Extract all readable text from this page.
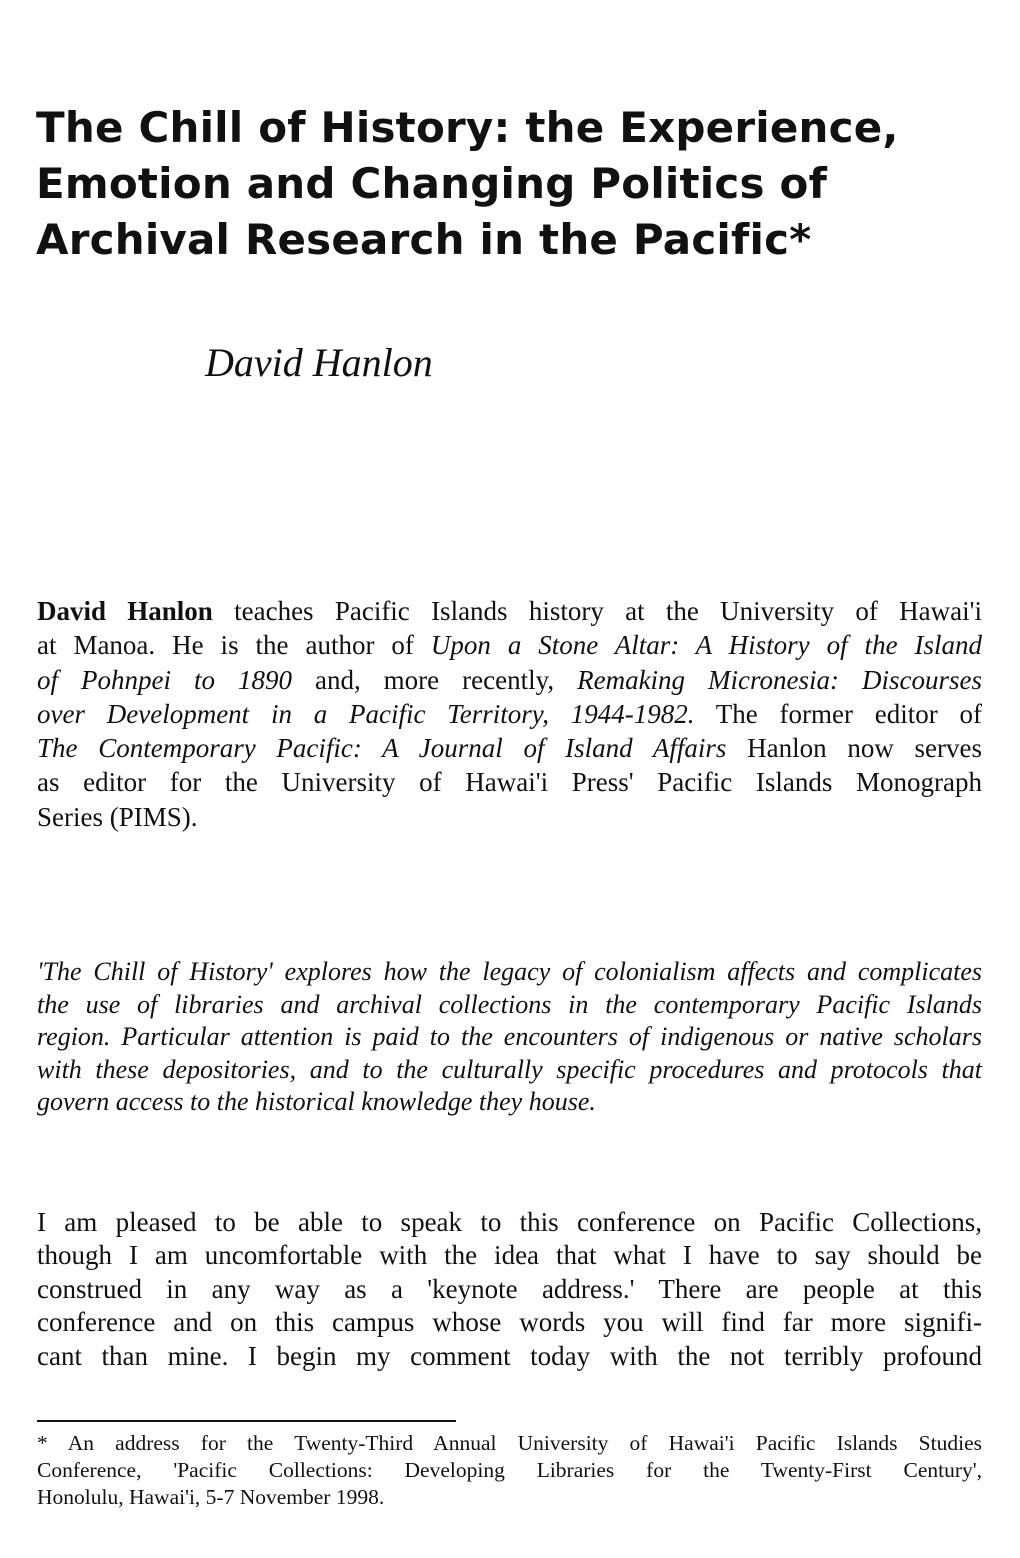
The Chill of History: the Experience,
Emotion and Changing Politics of
Archival Research in the Pacific*
David Hanlon
David Hanlon teaches Pacific Islands history at the University of Hawai'i
at Manoa. He is the author of Upon a Stone Altar: A History of the Island
of Pohnpei to 1890 and, more recently, Remaking Micronesia: Discourses
over Development in a Pacific Territory, 1944-1982. The former editor of
The Contemporary Pacific: A Journal of Island Affairs Hanlon now serves
as editor for the University of Hawai'i Press' Pacific Islands Monograph
Series (PIMS).
'The Chill of History' explores how the legacy of colonialism affects and complicates
the use of libraries and archival collections in the contemporary Pacific Islands
region. Particular attention is paid to the encounters of indigenous or native scholars
with these depositories, and to the culturally specific procedures and protocols that
govern access to the historical knowledge they house.
I am pleased to be able to speak to this conference on Pacific Collections,
though I am uncomfortable with the idea that what I have to say should be
construed in any way as a 'keynote address.' There are people at this
conference and on this campus whose words you will find far more signifi-
cant than mine. I begin my comment today with the not terribly profound
* An address for the Twenty-Third Annual University of Hawai'i Pacific Islands Studies
Conference, 'Pacific Collections: Developing Libraries for the Twenty-First Century',
Honolulu, Hawai'i, 5-7 November 1998.
